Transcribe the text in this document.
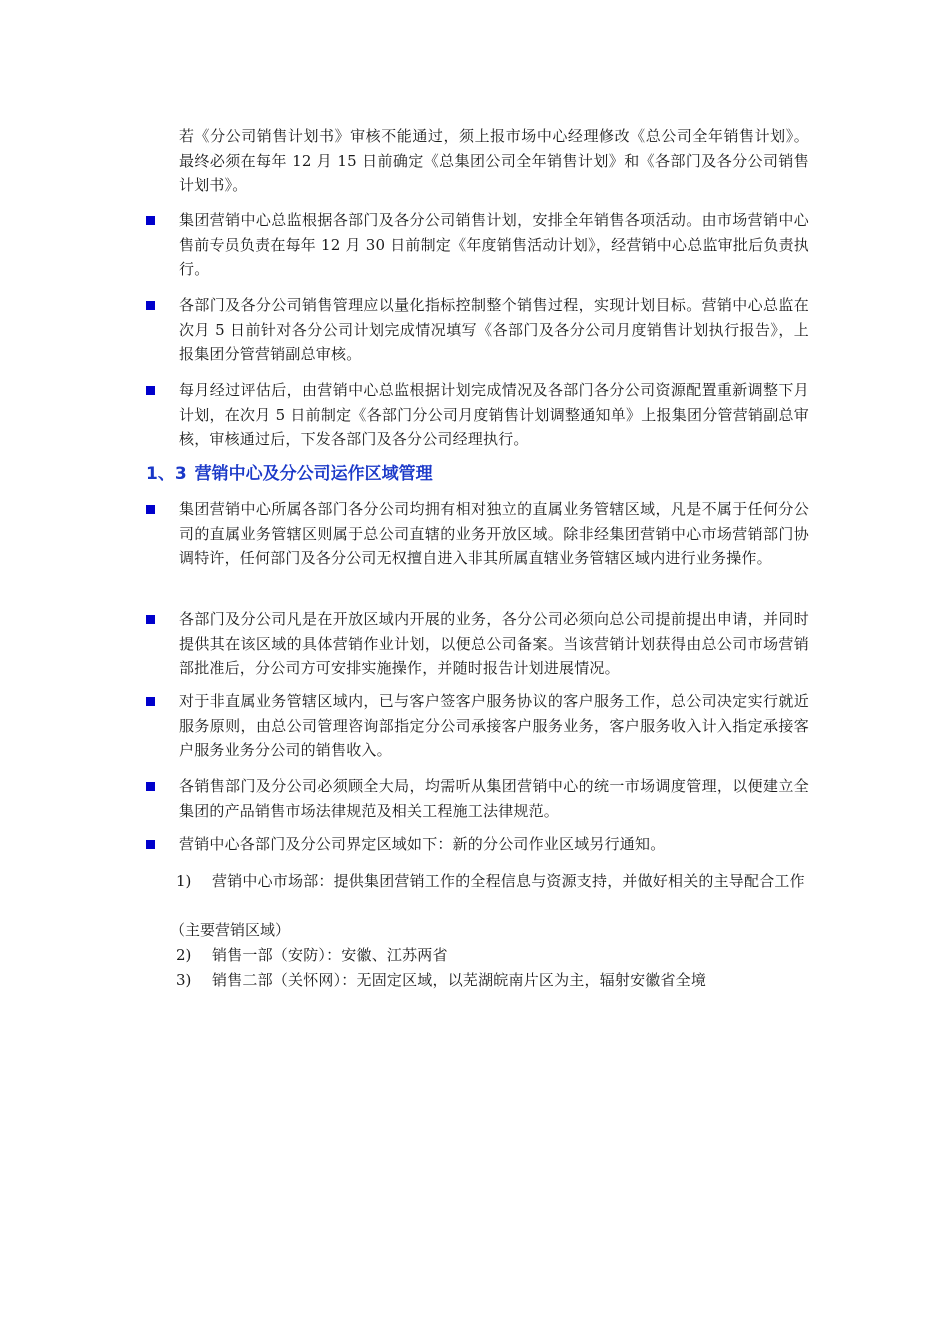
若《分公司销售计划书》审核不能通过，须上报市场中心经理修改《总公司全年销售计划》。最终必须在每年 12 月 15 日前确定《总集团公司全年销售计划》和《各部门及各分公司销售计划书》。

集团营销中心总监根据各部门及各分公司销售计划，安排全年销售各项活动。由市场营销中心售前专员负责在每年 12 月 30 日前制定《年度销售活动计划》，经营销中心总监审批后负责执行。

各部门及各分公司销售管理应以量化指标控制整个销售过程，实现计划目标。营销中心总监在次月 5 日前针对各分公司计划完成情况填写《各部门及各分公司月度销售计划执行报告》，上报集团分管营销副总审核。

每月经过评估后，由营销中心总监根据计划完成情况及各部门各分公司资源配置重新调整下月计划，在次月 5 日前制定《各部门分公司月度销售计划调整通知单》上报集团分管营销副总审核，审核通过后，下发各部门及各分公司经理执行。

1、3 营销中心及分公司运作区域管理

集团营销中心所属各部门各分公司均拥有相对独立的直属业务管辖区域，凡是不属于任何分公司的直属业务管辖区则属于总公司直辖的业务开放区域。除非经集团营销中心市场营销部门协调特许，任何部门及各分公司无权擅自进入非其所属直辖业务管辖区域内进行业务操作。

各部门及分公司凡是在开放区域内开展的业务，各分公司必须向总公司提前提出申请，并同时提供其在该区域的具体营销作业计划，以便总公司备案。当该营销计划获得由总公司市场营销部批准后，分公司方可安排实施操作，并随时报告计划进展情况。

对于非直属业务管辖区域内，已与客户签客户服务协议的客户服务工作，总公司决定实行就近服务原则，由总公司管理咨询部指定分公司承接客户服务业务，客户服务收入计入指定承接客户服务业务分公司的销售收入。

各销售部门及分公司必须顾全大局，均需听从集团营销中心的统一市场调度管理，以便建立全集团的产品销售市场法律规范及相关工程施工法律规范。

营销中心各部门及分公司界定区域如下：新的分公司作业区域另行通知。

1) 营销中心市场部：提供集团营销工作的全程信息与资源支持，并做好相关的主导配合工作

（主要营销区域）

2) 销售一部（安防）：安徽、江苏两省

3) 销售二部（关怀网）：无固定区域，以芜湖皖南片区为主，辐射安徽省全境
